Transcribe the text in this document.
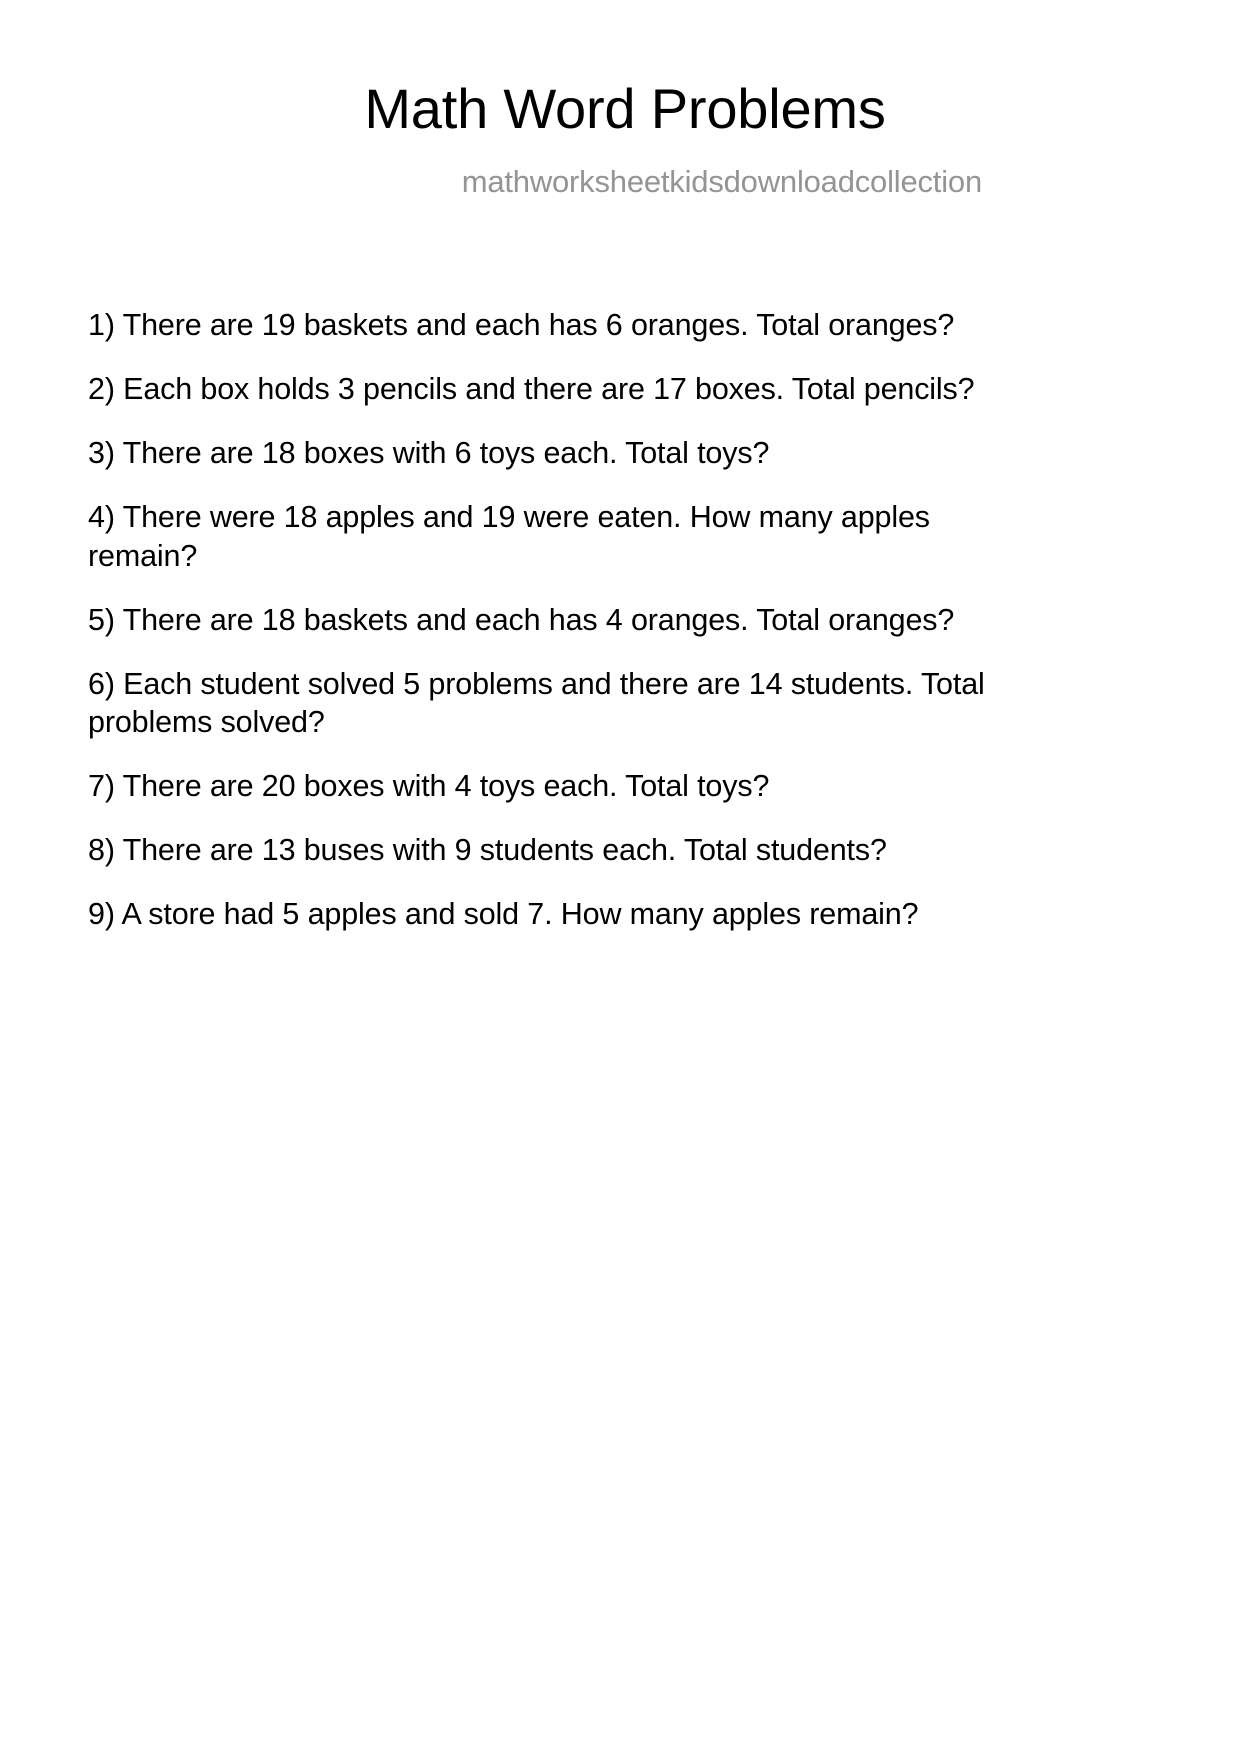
Math Word Problems
mathworksheetkidsdownloadcollection
1) There are 19 baskets and each has 6 oranges. Total oranges?
2) Each box holds 3 pencils and there are 17 boxes. Total pencils?
3) There are 18 boxes with 6 toys each. Total toys?
4) There were 18 apples and 19 were eaten. How many apples remain?
5) There are 18 baskets and each has 4 oranges. Total oranges?
6) Each student solved 5 problems and there are 14 students. Total problems solved?
7) There are 20 boxes with 4 toys each. Total toys?
8) There are 13 buses with 9 students each. Total students?
9) A store had 5 apples and sold 7. How many apples remain?
